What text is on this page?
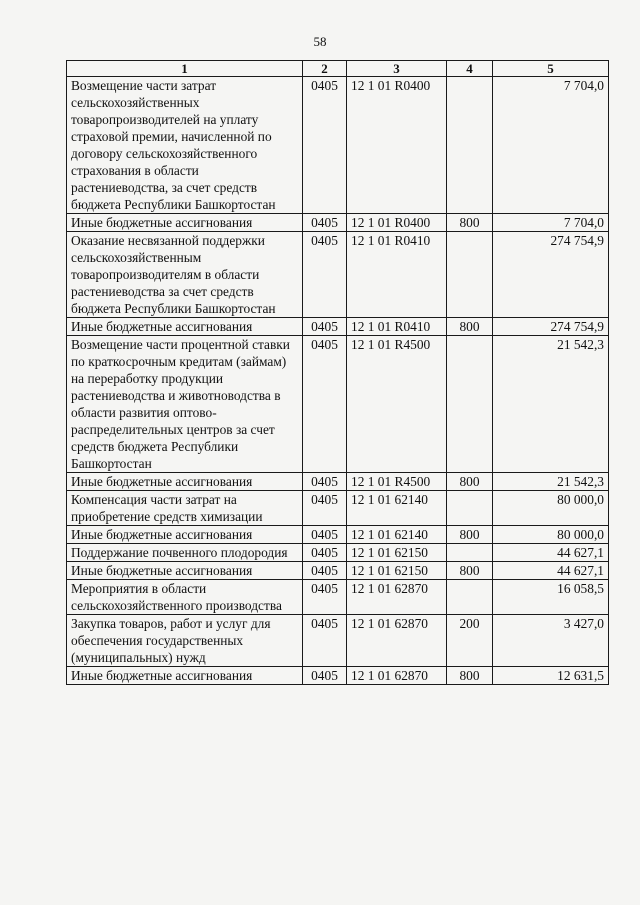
58
1	2	3	4	5
Возмещение части затрат сельскохозяйственных товаропроизводителей на уплату страховой премии, начисленной по договору сельскохозяйственного страхования в области растениеводства, за счет средств бюджета Республики Башкортостан	0405	12 1 01 R0400		7 704,0
Иные бюджетные ассигнования	0405	12 1 01 R0400	800	7 704,0
Оказание несвязанной поддержки сельскохозяйственным товаропроизводителям в области растениеводства за счет средств бюджета Республики Башкортостан	0405	12 1 01 R0410		274 754,9
Иные бюджетные ассигнования	0405	12 1 01 R0410	800	274 754,9
Возмещение части процентной ставки по краткосрочным кредитам (займам) на переработку продукции растениеводства и животноводства в области развития оптово-распределительных центров за счет средств бюджета Республики Башкортостан	0405	12 1 01 R4500		21 542,3
Иные бюджетные ассигнования	0405	12 1 01 R4500	800	21 542,3
Компенсация части затрат на приобретение средств химизации	0405	12 1 01 62140		80 000,0
Иные бюджетные ассигнования	0405	12 1 01 62140	800	80 000,0
Поддержание почвенного плодородия	0405	12 1 01 62150		44 627,1
Иные бюджетные ассигнования	0405	12 1 01 62150	800	44 627,1
Мероприятия в области сельскохозяйственного производства	0405	12 1 01 62870		16 058,5
Закупка товаров, работ и услуг для обеспечения государственных (муниципальных) нужд	0405	12 1 01 62870	200	3 427,0
Иные бюджетные ассигнования	0405	12 1 01 62870	800	12 631,5
